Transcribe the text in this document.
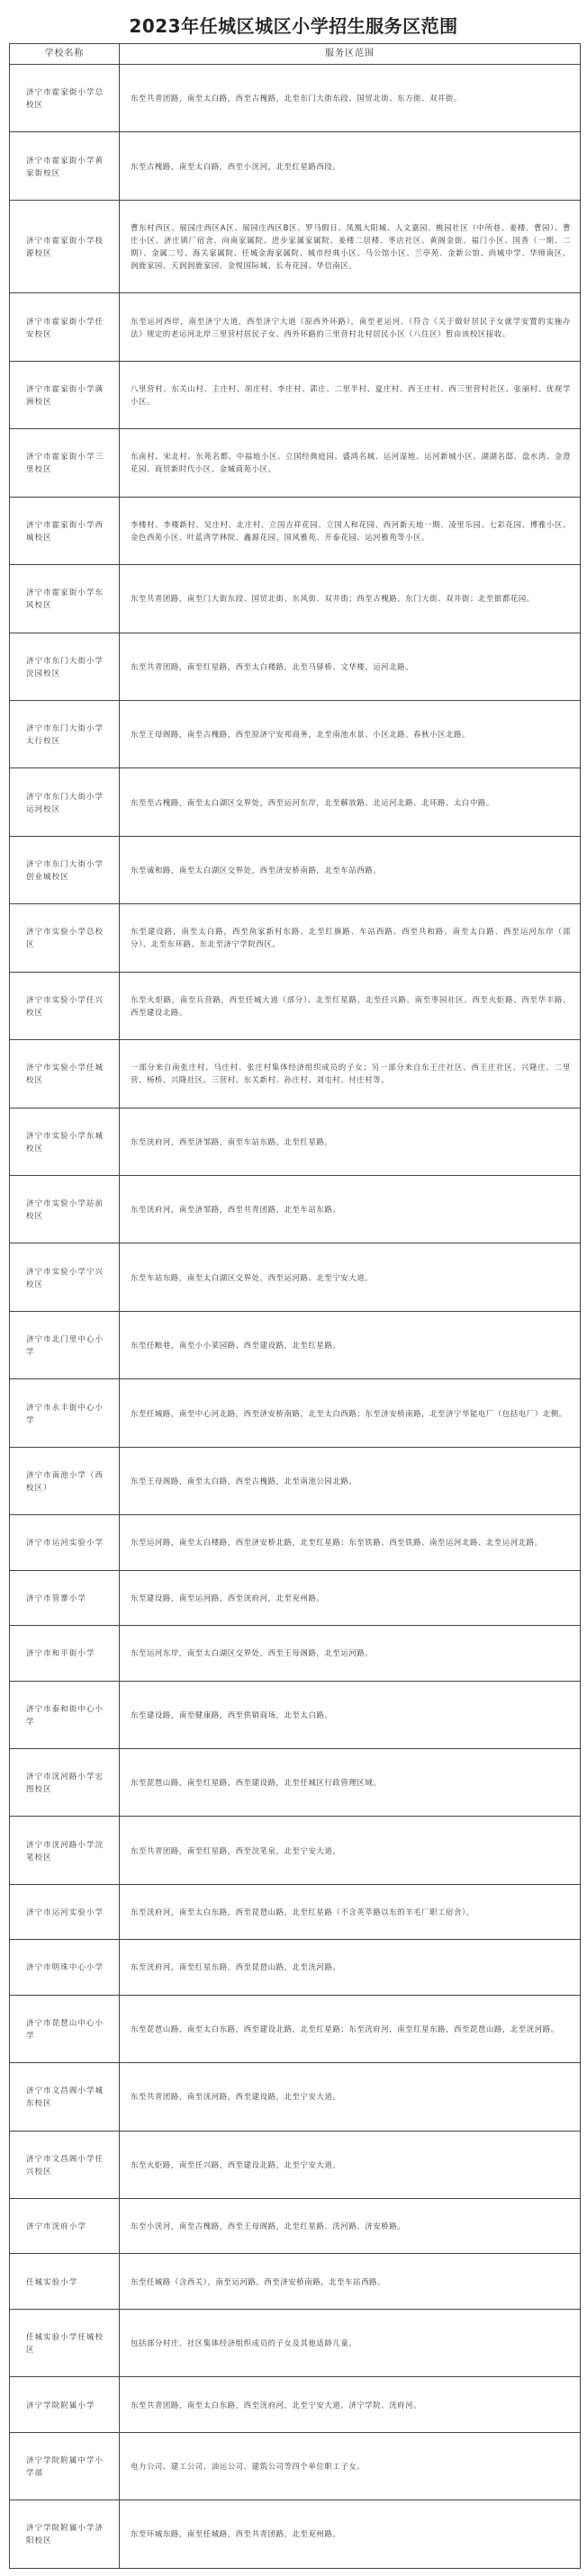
2023年任城区城区小学招生服务区范围
学校名称	服务区范围
济宁市霍家街小学总校区	东至共青团路，南至太白路，西至古槐路，北至东门大街东段、国贸北街、东方街、双井街。
济宁市霍家街小学黄家街校区	东至古槐路，南至太白路，西至小洸河，北至红星路西段。
济宁市霍家街小学枝源校区	曹东村西区、展园庄西区A区、展园庄西区B区、罗马假日、凤凰大阳城、人文嘉园、桃园社区（中所巷、姜楼、曹园）、曹庄小区、济庄镇厂宿舍、向南家属院、进步家属家属院、姜楼二居楼、枣店社区、黄阁金街、福门小区、国香（一期、二期）、金属二号、海关家属院、任城金海家属院、城市经典小区、马公馆小区、兰亭苑、金新公馆、尚城中学、华师南区、润鹿家园、天润润鹿家园、金悦国际城、长寿花园、华信南区。
济宁市霍家街小学任安校区	东至运河西岸，南至济宁大道，西至济宁大道（原西外环路），南至老运河、（符合《关于做好居民子女就学安置的实施办法》规定的老运河北岸三里营村居民子女、西外环路的三里营村北村居民小区（八住区）暂由该校区接收。
济宁市霍家街小学满洲校区	八里营村、东关山村、主庄村、胡庄村、李庄村、郭庄、二里半村、夏庄村、西王庄村、西三里营村社区、张丽村、优视学小区。
济宁市霍家街小学三里校区	东南村、宋北村、东苑名都、中福地小区、立国经典庭园、盛鸿名城、运河湿地、运河新城小区、湖湖名邸、盘水湾、金澄花园、商贸新时代小区、金城商苑小区。
济宁市霍家街小学西城校区	李楼村、李楼新村、吴庄村、北庄村、立国吉祥花园、立国人和花园、西河新天地一期、凌里乐园、七彩花园、博雅小区、金色西苑小区、叶蓝湾学林院、鑫源花园、国风雅苑、开泰花园、运河雅苑等小区。
济宁市霍家街小学东风校区	东至共青团路，南至门大街东段、国贸北街、东风街、双井街；西至古槐路、东门大街、双井街；北至银都花园。
济宁市东门大街小学浣园校区	东至共青团路，南至红星路，西至太白楼路，北至马驿桥、文华楼、运河北路。
济宁市东门大街小学太行校区	东至王母阁路，南至古槐路，西至原济宁安邦商务，北至南池水景、小区北路、春秋小区北路。
济宁市东门大街小学运河校区	东至至古槐路，南至太白湖区交界处，西至运河东岸，北至解放路、北运河北路、北环路、太白中路。
济宁市东门大街小学创业城校区	东至诚和路，南至太白湖区交界处，西至济安桥南路，北至车站西路。
济宁市实验小学总校区	东至建设路，南至太白路，西至鱼家新村东路、北至红旗路、车站西路、西至共和路、南至太白路、西至运河东岸（部分）、北至东环路、东北至济宁学院西区。
济宁市实验小学任兴校区	东至火炬路，南至兵营路，西至任城大道（部分）、北至红星路、北至任兴路、南至枣园社区、西至火炬路、西至华丰路、西至建设北路。
济宁市实验小学任城校区	一部分来自南张庄村、马庄村、张庄村集体经济组织成员的子女；另一部分来自东王庄社区、西王庄社区、兴隆庄、二里营、杨桥、兴隆社区、三营村、东关新村、孙庄村、刘屯村、付庄村等。
济宁市实验小学东城校区	东至洸府河，西至济邹路，南至车站东路，北至红星路。
济宁市实验小学站前校区	东至洸府河，南至济邹路，西至共青团路，北至车站东路。
济宁市实验小学宁兴校区	东至车站东路，南至太白湖区交界处，西至运河路、北至宁安大道。
济宁市北门里中心小学	东至任粮巷，南至小小菜园路、西至建设路，北至红星路。
济宁市永丰街中心小学	东至任城路，南至中心河北路，西至济安桥南路，北至太白西路；东至济安桥南路，北至济宁华能电厂（包括电厂）北侧。
济宁市南池小学（西校区）	东至王母阁路，南至太白路，西至古槐路，北至南池公园北路。
济宁市运河实验小学	东至运河路，南至太白楼路，西至济安桥北路，北至红星路；东至铁路、西至铁路、南至运河北路、北至运河北路。
济宁市管寨小学	东至建设路，南至运河路，西至洸府河，北至兖州路。
济宁市和平街小学	东至运河东岸，南至太白湖区交界处，西至王母阁路，北至运河路。
济宁市泰和街中心小学	东至建设路，南至健康路，西至供销商场，北至太白路。
济宁市洸河路小学宏图校区	东至琵琶山路，南至红星路，西至建设路，北至任城区行政管理区域。
济宁市洸河路小学浣笔校区	东至共青团路，南至红星路，西至浣笔泉，北至宁安大道。
济宁市运河实验小学	东至洸府河，南至太白东路，西至琵琶山路，北至红星路（不含英萃路以东的羊毛厂职工宿舍）。
济宁市明珠中心小学	东至洸府河，南至红星东路，西至琵琶山路，北至洸河路。
济宁市琵琶山中心小学	东至琵琶山路，南至太白东路，西至建设北路，北至红星路；东至洸府河，南至红星东路，西至琵琶山路，北至洸河路。
济宁市文昌阁小学城东校区	东至共青团路，南至洸河路，西至建设路，北至宁安大道。
济宁市文昌阁小学任兴校区	东至火炬路，南至任兴路，西至建设北路，北至宁安大道。
济宁市洸府小学	东至小洸河，南至古槐路，西至王母阁路，北至红星路、洸河路、济安桥路。
任城实验小学	东至任城路（含西关），南至运河路，西至济安桥南路，北至车站西路。
任城实验小学任城校区	包括部分村庄、社区集体经济组织成员的子女及其他适龄儿童。
济宁学院附属小学	东至共青团路，南至太白东路，西至洸府河，北至宁安大道、济宁学院、洸府河。
济宁学院附属中学小学部	电力公司、建工公司、油运公司、建筑公司等四个单位职工子女。
济宁学院附属小学济阳校区	东至环城东路，南至任城路，西至共青团路，北至兖州路。
